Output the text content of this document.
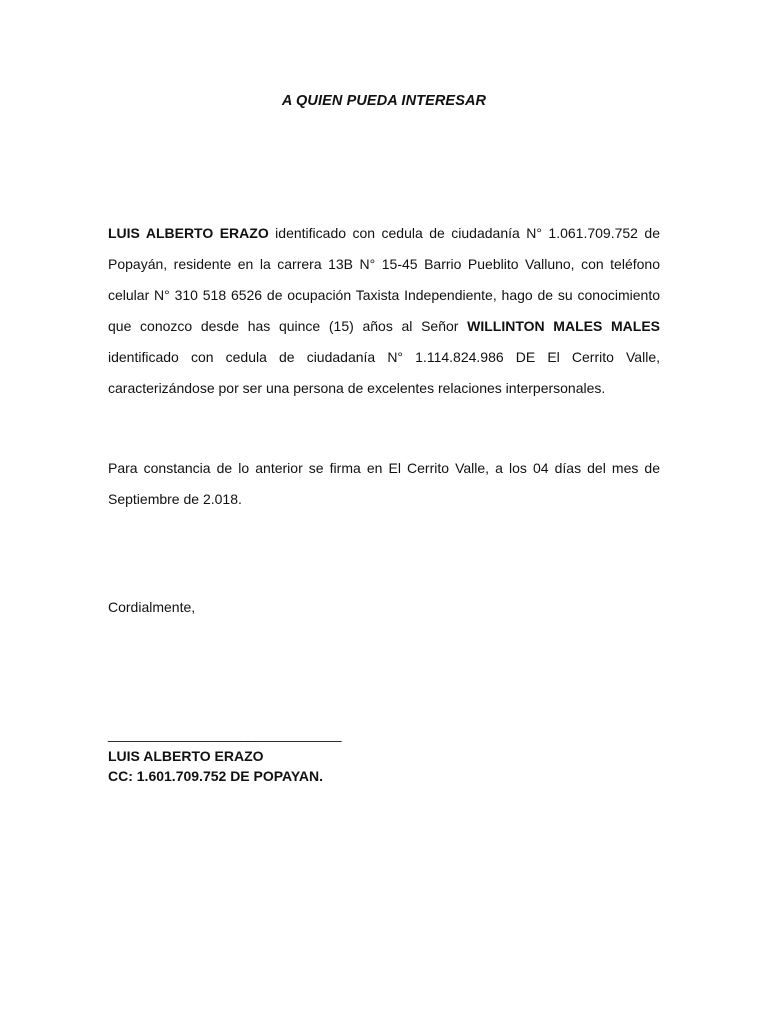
A QUIEN PUEDA INTERESAR
LUIS ALBERTO ERAZO identificado con cedula de ciudadanía N° 1.061.709.752 de Popayán, residente en la carrera 13B N° 15-45 Barrio Pueblito Valluno, con teléfono celular N° 310 518 6526 de ocupación Taxista Independiente, hago de su conocimiento que conozco desde has quince (15) años al Señor WILLINTON MALES MALES identificado con cedula de ciudadanía N° 1.114.824.986 DE El Cerrito Valle, caracterizándose por ser una persona de excelentes relaciones interpersonales.
Para constancia de lo anterior se firma en El Cerrito Valle, a los 04 días del mes de Septiembre de 2.018.
Cordialmente,
______________________________
LUIS ALBERTO ERAZO
CC: 1.601.709.752 DE POPAYAN.
